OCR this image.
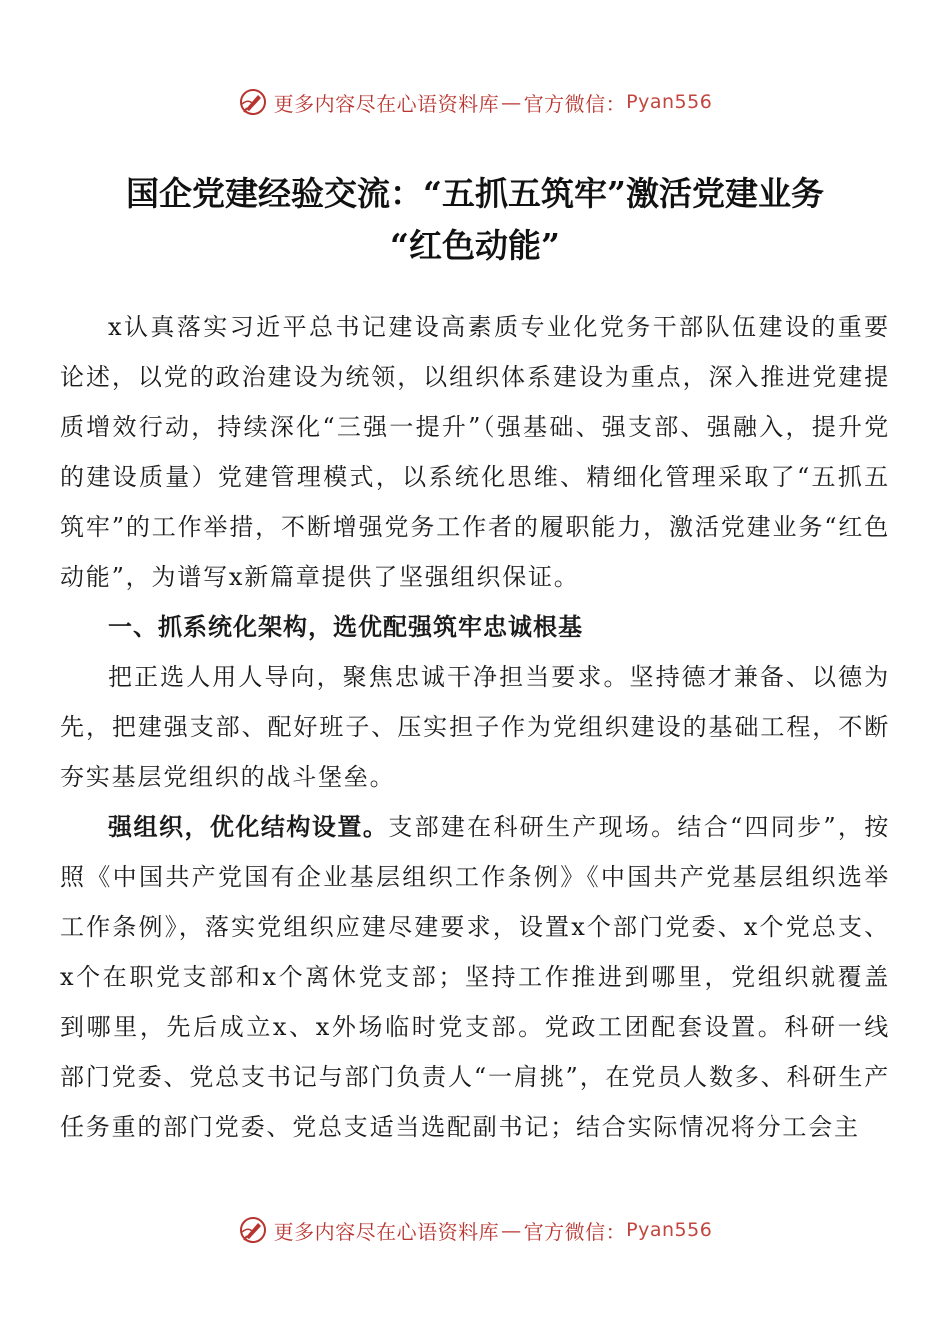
更多内容尽在心语资料库 — 官方微信： Pyan556
国企党建经验交流：“五抓五筑牢”激活党建业务
“红色动能”

x认真落实习近平总书记建设高素质专业化党务干部队伍建设的重要论述，以党的政治建设为统领，以组织体系建设为重点，深入推进党建提质增效行动，持续深化“三强一提升”（强基础、强支部、强融入，提升党的建设质量）党建管理模式，以系统化思维、精细化管理采取了“五抓五筑牢”的工作举措，不断增强党务工作者的履职能力，激活党建业务“红色动能”，为谱写x新篇章提供了坚强组织保证。

一、抓系统化架构，选优配强筑牢忠诚根基

把正选人用人导向，聚焦忠诚干净担当要求。坚持德才兼备、以德为先，把建强支部、配好班子、压实担子作为党组织建设的基础工程，不断夯实基层党组织的战斗堡垒。

强组织，优化结构设置。支部建在科研生产现场。结合“四同步”，按照《中国共产党国有企业基层组织工作条例》《中国共产党基层组织选举工作条例》，落实党组织应建尽建要求，设置x个部门党委、x个党总支、x个在职党支部和x个离休党支部；坚持工作推进到哪里，党组织就覆盖到哪里，先后成立x、x外场临时党支部。党政工团配套设置。科研一线部门党委、党总支书记与部门负责人“一肩挑”，在党员人数多、科研生产任务重的部门党委、党总支适当选配副书记；结合实际情况将分工会主

更多内容尽在心语资料库 — 官方微信： Pyan556
